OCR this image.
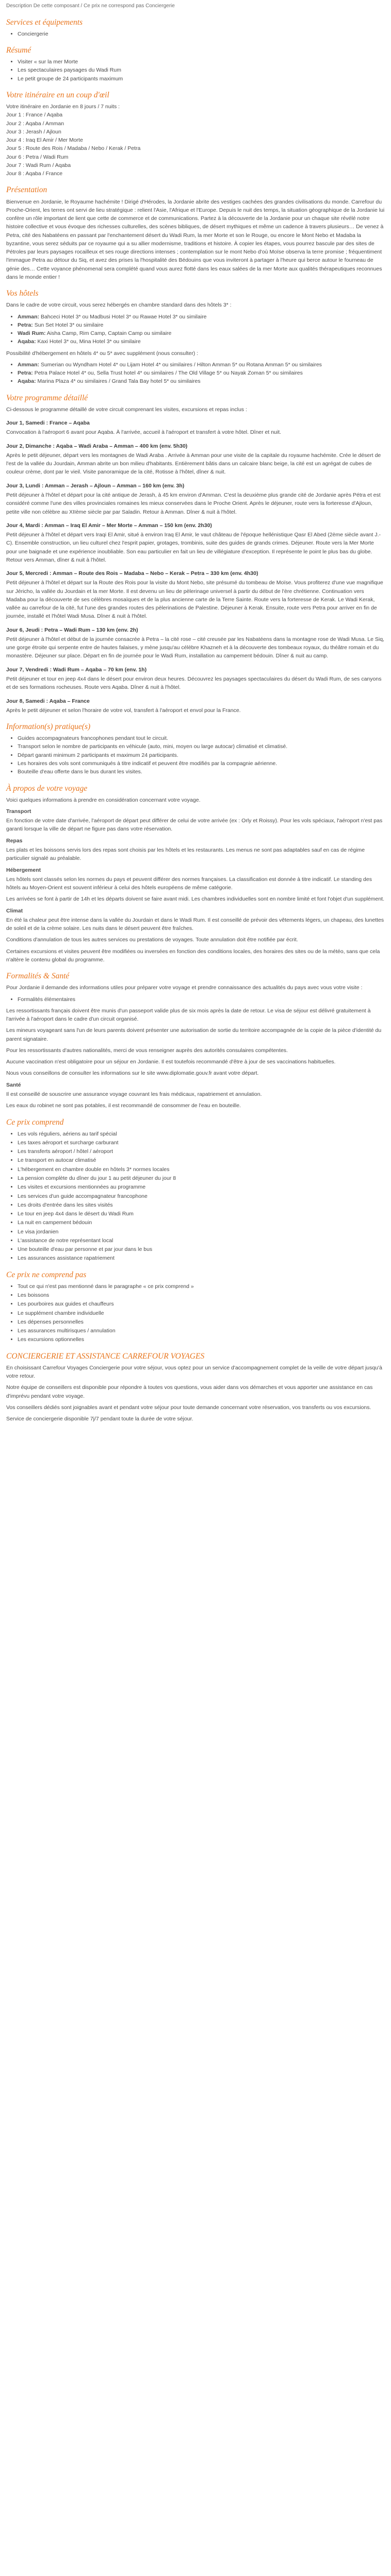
Description De cette composant / Ce prix ne correspond pas Conciergerie

Services et équipements
• Conciergerie
Résumé
• Visiter « sur la mer Morte
• Les spectaculaires paysages du Wadi Rum
• Le petit groupe de 24 participants maximum
Votre itinéraire en un coup d'œil

Votre itinéraire en Jordanie en 8 jours / 7 nuits :

Jour 1 : France / Aqaba
Jour 2 : Aqaba / Amman
Jour 3 : Jerash / Ajloun
Jour 4 : Iraq El Amir / Mer Morte
Jour 5 : Route des Rois / Madaba / Nebo / Kerak / Petra
Jour 6 : Petra / Wadi Rum
Jour 7 : Wadi Rum / Aqaba
Jour 8 : Aqaba / France
Présentation

Bienvenue en Jordanie, le Royaume hachémite ! Dirigé d'Hérodes, la Jordanie abrite des vestiges cachées des grandes civilisations du monde. Carrefour du Proche-Orient, les terres ont servi de lieu stratégique : relient l'Asie, l'Afrique et l'Europe. Depuis le nuit des temps, la situation géographique de la Jordanie lui confère un rôle important de lient que cette de commerce et de communications. Partez à la découverte de la Jordanie pour un chaque site révélé notre histoire collective et vous évoque des richesses culturelles, des scènes bibliques, de désert mythiques et même un cadence à travers plusieurs… De venez à Petra, cité des Nabatéens en passant par l'enchantement désert du Wadi Rum, la mer Morte et son le Rouge, ou encore le Mont Nebo et Madaba la byzantine, vous serez séduits par ce royaume qui a su allier modernisme, traditions et histoire. À copier les étapes, vous pourrez bascule par des sites de Pétroles par leurs paysages rocailleux et ses rouge directions intenses ; contemplation sur le mont Nebo d'où Moïse observa la terre promise ; fréquentiment l'immague Petra au détour du Siq, et avez des prises la l'hospitalité des Bédouins que vous inviteront à partager à l'heure qui berce autour le fourneau de génie des… Cette voyance phénomenal sera complété quand vous aurez flotté dans les eaux salées de la mer Morte aux qualités thérapeutiques reconnues dans le monde entier !

Vos hôtels

Dans le cadre de votre circuit, vous serez hébergés en chambre standard dans des hôtels 3* :

• Amman: Bahceci Hotel 3* ou Madbusi Hotel 3* ou Rawae Hotel 3* ou similaire
• Petra: Sun Set Hotel 3* ou similaire
• Wadi Rum: Aisha Camp, Rim Camp, Captain Camp ou similaire
• Aqaba: Kaxi Hotel 3* ou, Mina Hotel 3* ou similaire

Possibilité d'hébergement en hôtels 4* ou 5* avec supplément (nous consulter) :

• Amman: Sumerian ou Wyndham Hotel 4* ou Lijam Hotel 4* ou similaires / Hilton Amman 5* ou Rotana Amman 5* ou similaires
• Petra: Petra Palace Hotel 4* ou, Sella Trust hotel 4* ou similaires / The Old Village 5* ou Nayak Zoman 5* ou similaires
• Aqaba: Marina Plaza 4* ou similaires / Grand Tala Bay hotel 5* ou similaires
Votre programme détaillé

Ci-dessous le programme détaillé de votre circuit comprenant les visites, excursions et repas inclus :

Jour 1, Samedi : France – Aqaba

Convocation à l'aéroport 6 avant pour Aqaba. À l'arrivée, accueil à l'aéroport et transfert à votre hôtel. Dîner et nuit.

Jour 2, Dimanche : Aqaba – Wadi Araba – Amman – 400 km (env. 5h30)

Après le petit déjeuner, départ vers les montagnes de Wadi Araba . Arrivée à Amman pour une visite de la capitale du royaume hachémite. Crée le désert de l'est de la vallée du Jourdain, Amman abrite un bon milieu d'habitants. Entièrement bâtis dans un calcaire blanc beige, la cité est un agrégat de cubes de couleur crème, dont par le vieil. Visite panoramique de la cité, Rotisse à l'hôtel, dîner & nuit.

Jour 3, Lundi : Amman – Jerash – Ajloun – Amman – 160 km (env. 3h)

Petit déjeuner à l'hôtel et départ pour la cité antique de Jerash, à 45 km environ d'Amman. C'est la deuxième plus grande cité de Jordanie après Pétra et est considéré comme l'une des villes provinciales romaines les mieux conservées dans le Proche Orient. Après le déjeuner, route vers la forteresse d'Ajloun, petite ville non célèbre au XIIème siècle par par Saladin. Retour à Amman. Dîner & nuit à l'hôtel.

Jour 4, Mardi : Amman – Iraq El Amir – Mer Morte – Amman – 150 km (env. 2h30)

Petit déjeuner à l'hôtel et départ vers Iraqi El Amir, situé à environ Iraq El Amir, le vaut château de l'époque hellénistique Qasr El Abed (2ème siècle avant J.-C). Ensemble construction, un lieu culturel chez l'esprit papier, grotages, trombinis, suite des guides de grands crimes. Déjeuner. Route vers la Mer Morte pour une baignade et une expérience inoubliable. Son eau particulier en fait un lieu de villégiature d'exception. Il représente le point le plus bas du globe. Retour vers Amman, dîner & nuit à l'hôtel.

Jour 5, Mercredi : Amman – Route des Rois – Madaba – Nebo – Kerak – Petra – 330 km (env. 4h30)

Petit déjeuner à l'hôtel et départ sur la Route des Rois pour la visite du Mont Nebo, site présumé du tombeau de Moïse. Vous profiterez d'une vue magnifique sur Jéricho, la vallée du Jourdain et la mer Morte. Il est devenu un lieu de pèlerinage universel à partir du début de l'ère chrétienne. Continuation vers Madaba pour la découverte de ses célèbres mosaïques et de la plus ancienne carte de la Terre Sainte. Route vers la forteresse de Kerak. Le Wadi Kerak, vallée au carrefour de la cité, fut l'une des grandes routes des pèlerinations de Palestine. Déjeuner à Kerak. Ensuite, route vers Petra pour arriver en fin de journée, installé et l'hôtel Wadi Musa. Dîner & nuit à l'hôtel.

Jour 6, Jeudi : Petra – Wadi Rum – 130 km (env. 2h)

Petit déjeuner à l'hôtel et début de la journée consacrée à Petra – la cité rose – cité creusée par les Nabatéens dans la montagne rose de Wadi Musa. Le Siq, une gorge étroite qui serpente entre de hautes falaises, y mène jusqu'au célèbre Khazneh et à la découverte des tombeaux royaux, du théâtre romain et du monastère. Déjeuner sur place. Départ en fin de journée pour le Wadi Rum, installation au campement bédouin. Dîner & nuit au camp.

Jour 7, Vendredi : Wadi Rum – Aqaba – 70 km (env. 1h)

Petit déjeuner et tour en jeep 4x4 dans le désert pour environ deux heures. Découvrez les paysages spectaculaires du désert du Wadi Rum, de ses canyons et de ses formations rocheuses. Route vers Aqaba. Dîner & nuit à l'hôtel.

Jour 8, Samedi : Aqaba – France

Après le petit déjeuner et selon l'horaire de votre vol, transfert à l'aéroport et envol pour la France.

Information(s) pratique(s)
• Guides accompagnateurs francophones pendant tout le circuit.
• Transport selon le nombre de participants en véhicule (auto, mini, moyen ou large autocar) climatisé et climatisé.
• Départ garanti minimum 2 participants et maximum 24 participants.
• Les horaires des vols sont communiqués à titre indicatif et peuvent être modifiés par la compagnie aérienne.
• Bouteille d'eau offerte dans le bus durant les visites.
À propos de votre voyage

Voici quelques informations à prendre en considération concernant votre voyage.

Transport

En fonction de votre date d'arrivée, l'aéroport de départ peut différer de celui de votre arrivée (ex : Orly et Roissy). Pour les vols spéciaux, l'aéroport n'est pas garanti lorsque la ville de départ ne figure pas dans votre réservation.

Repas

Les plats et les boissons servis lors des repas sont choisis par les hôtels et les restaurants. Les menus ne sont pas adaptables sauf en cas de régime particulier signalé au préalable.

Hébergement

Les hôtels sont classés selon les normes du pays et peuvent différer des normes françaises. La classification est donnée à titre indicatif. Le standing des hôtels au Moyen-Orient est souvent inférieur à celui des hôtels européens de même catégorie.

Les arrivées se font à partir de 14h et les départs doivent se faire avant midi. Les chambres individuelles sont en nombre limité et font l'objet d'un supplément.

Climat

En été la chaleur peut être intense dans la vallée du Jourdain et dans le Wadi Rum. Il est conseillé de prévoir des vêtements légers, un chapeau, des lunettes de soleil et de la crème solaire. Les nuits dans le désert peuvent être fraîches.

Conditions d'annulation de tous les autres services ou prestations de voyages. Toute annulation doit être notifiée par écrit.

Certaines excursions et visites peuvent être modifiées ou inversées en fonction des conditions locales, des horaires des sites ou de la météo, sans que cela n'altère le contenu global du programme.

Formalités & Santé

Pour Jordanie il demande des informations utiles pour préparer votre voyage et prendre connaissance des actualités du pays avec vous votre visite :

• Formalités élémentaires

Les ressortissants français doivent être munis d'un passeport valide plus de six mois après la date de retour. Le visa de séjour est délivré gratuitement à l'arrivée à l'aéroport dans le cadre d'un circuit organisé.

Les mineurs voyageant sans l'un de leurs parents doivent présenter une autorisation de sortie du territoire accompagnée de la copie de la pièce d'identité du parent signataire.

Pour les ressortissants d'autres nationalités, merci de vous renseigner auprès des autorités consulaires compétentes.

Aucune vaccination n'est obligatoire pour un séjour en Jordanie. Il est toutefois recommandé d'être à jour de ses vaccinations habituelles.

Nous vous conseillons de consulter les informations sur le site www.diplomatie.gouv.fr avant votre départ.

Santé

Il est conseillé de souscrire une assurance voyage couvrant les frais médicaux, rapatriement et annulation.

Les eaux du robinet ne sont pas potables, il est recommandé de consommer de l'eau en bouteille.

Ce prix comprend
• Les vols réguliers, aériens au tarif spécial
• Les taxes aéroport et surcharge carburant
• Les transferts aéroport / hôtel / aéroport
• Le transport en autocar climatisé
• L'hébergement en chambre double en hôtels 3* normes locales
• La pension complète du dîner du jour 1 au petit déjeuner du jour 8
• Les visites et excursions mentionnées au programme
• Les services d'un guide accompagnateur francophone
• Les droits d'entrée dans les sites visités
• Le tour en jeep 4x4 dans le désert du Wadi Rum
• La nuit en campement bédouin
• Le visa jordanien
• L'assistance de notre représentant local
• Une bouteille d'eau par personne et par jour dans le bus
• Les assurances assistance rapatriement
Ce prix ne comprend pas
• Tout ce qui n'est pas mentionné dans le paragraphe « ce prix comprend »
• Les boissons
• Les pourboires aux guides et chauffeurs
• Le supplément chambre individuelle
• Les dépenses personnelles
• Les assurances multirisques / annulation
• Les excursions optionnelles
CONCIERGERIE ET ASSISTANCE CARREFOUR VOYAGES

En choisissant Carrefour Voyages Conciergerie pour votre séjour, vous optez pour un service d'accompagnement complet de la veille de votre départ jusqu'à votre retour.

Notre équipe de conseillers est disponible pour répondre à toutes vos questions, vous aider dans vos démarches et vous apporter une assistance en cas d'imprévu pendant votre voyage.

Vos conseillers dédiés sont joignables avant et pendant votre séjour pour toute demande concernant votre réservation, vos transferts ou vos excursions.

Service de conciergerie disponible 7j/7 pendant toute la durée de votre séjour.
